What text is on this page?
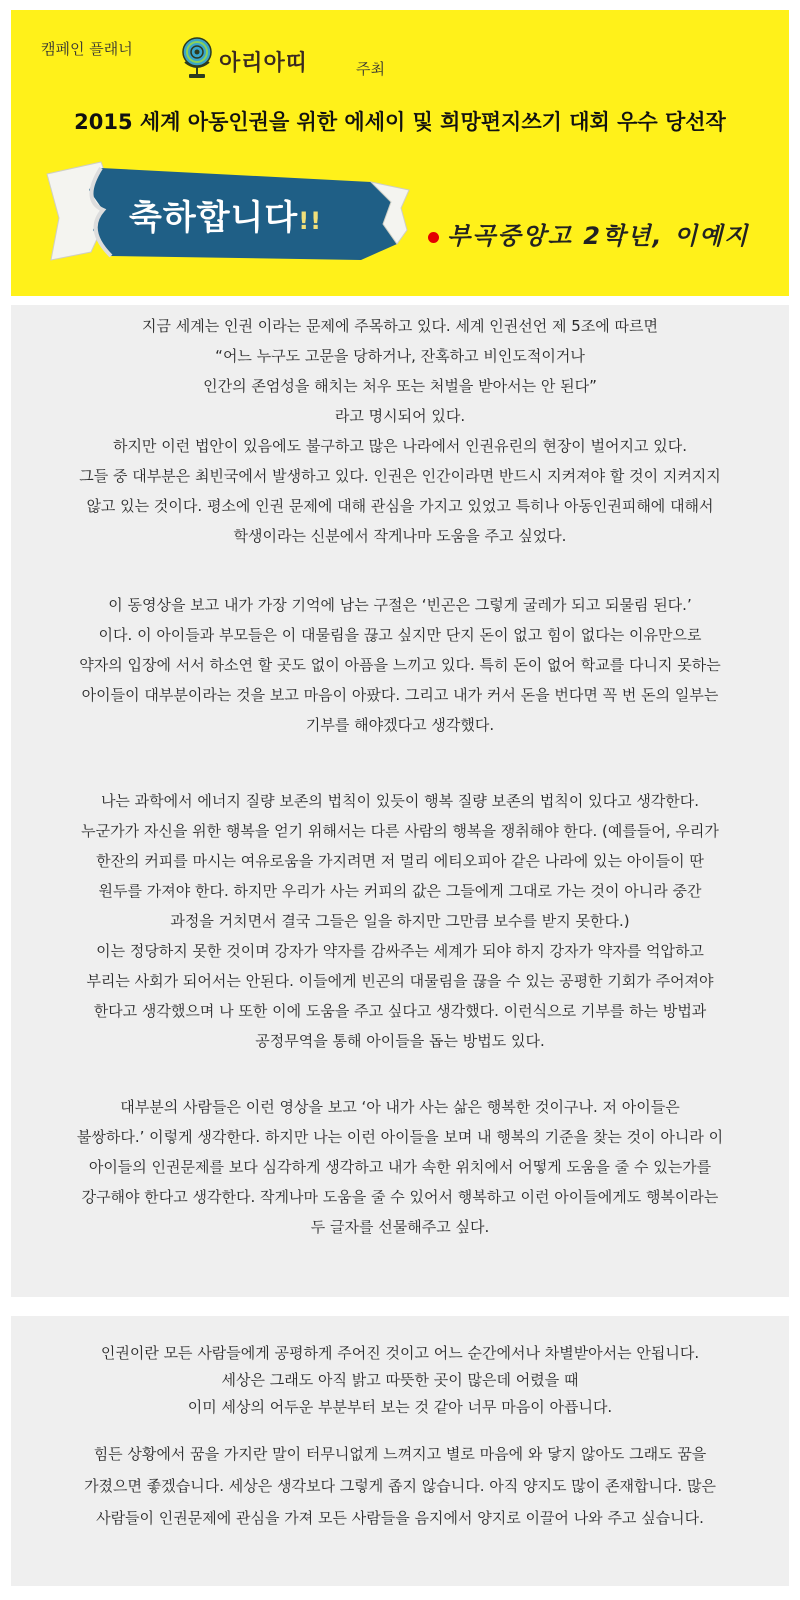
캠페인 플래너
아리아띠	주최
2015 세계 아동인권을 위한 에세이 및 희망편지쓰기 대회 우수 당선작
축하합니다!!
부곡중앙고 2학년, 이예지
지금 세계는 인권 이라는 문제에 주목하고 있다. 세계 인권선언 제 5조에 따르면
“어느 누구도 고문을 당하거나, 잔혹하고 비인도적이거나
인간의 존엄성을 해치는 처우 또는 처벌을 받아서는 안 된다”
라고 명시되어 있다.
하지만 이런 법안이 있음에도 불구하고 많은 나라에서 인권유린의 현장이 벌어지고 있다.
그들 중 대부분은 최빈국에서 발생하고 있다. 인권은 인간이라면 반드시 지켜져야 할 것이 지켜지지
않고 있는 것이다. 평소에 인권 문제에 대해 관심을 가지고 있었고 특히나 아동인권피해에 대해서
학생이라는 신분에서 작게나마 도움을 주고 싶었다.
이 동영상을 보고 내가 가장 기억에 남는 구절은 ‘빈곤은 그렇게 굴레가 되고 되물림 된다.’
이다. 이 아이들과 부모들은 이 대물림을 끊고 싶지만 단지 돈이 없고 힘이 없다는 이유만으로
약자의 입장에 서서 하소연 할 곳도 없이 아픔을 느끼고 있다. 특히 돈이 없어 학교를 다니지 못하는
아이들이 대부분이라는 것을 보고 마음이 아팠다. 그리고 내가 커서 돈을 번다면 꼭 번 돈의 일부는
기부를 해야겠다고 생각했다.
나는 과학에서 에너지 질량 보존의 법칙이 있듯이 행복 질량 보존의 법칙이 있다고 생각한다.
누군가가 자신을 위한 행복을 얻기 위해서는 다른 사람의 행복을 쟁취해야 한다. (예를들어, 우리가
한잔의 커피를 마시는 여유로움을 가지려면 저 멀리 에티오피아 같은 나라에 있는 아이들이 딴
원두를 가져야 한다. 하지만 우리가 사는 커피의 값은 그들에게 그대로 가는 것이 아니라 중간
과정을 거치면서 결국 그들은 일을 하지만 그만큼 보수를 받지 못한다.)
이는 정당하지 못한 것이며 강자가 약자를 감싸주는 세계가 되야 하지 강자가 약자를 억압하고
부리는 사회가 되어서는 안된다. 이들에게 빈곤의 대물림을 끊을 수 있는 공평한 기회가 주어져야
한다고 생각했으며 나 또한 이에 도움을 주고 싶다고 생각했다. 이런식으로 기부를 하는 방법과
공정무역을 통해 아이들을 돕는 방법도 있다.
대부분의 사람들은 이런 영상을 보고 ‘아 내가 사는 삶은 행복한 것이구나. 저 아이들은
불쌍하다.’ 이렇게 생각한다. 하지만 나는 이런 아이들을 보며 내 행복의 기준을 찾는 것이 아니라 이
아이들의 인권문제를 보다 심각하게 생각하고 내가 속한 위치에서 어떻게 도움을 줄 수 있는가를
강구해야 한다고 생각한다. 작게나마 도움을 줄 수 있어서 행복하고 이런 아이들에게도 행복이라는
두 글자를 선물해주고 싶다.
인권이란 모든 사람들에게 공평하게 주어진 것이고 어느 순간에서나 차별받아서는 안됩니다.
세상은 그래도 아직 밝고 따뜻한 곳이 많은데 어렸을 때
이미 세상의 어두운 부분부터 보는 것 같아 너무 마음이 아픕니다.
힘든 상황에서 꿈을 가지란 말이 터무니없게 느껴지고 별로 마음에 와 닿지 않아도 그래도 꿈을
가졌으면 좋겠습니다. 세상은 생각보다 그렇게 좁지 않습니다. 아직 양지도 많이 존재합니다. 많은
사람들이 인권문제에 관심을 가져 모든 사람들을 음지에서 양지로 이끌어 나와 주고 싶습니다.
